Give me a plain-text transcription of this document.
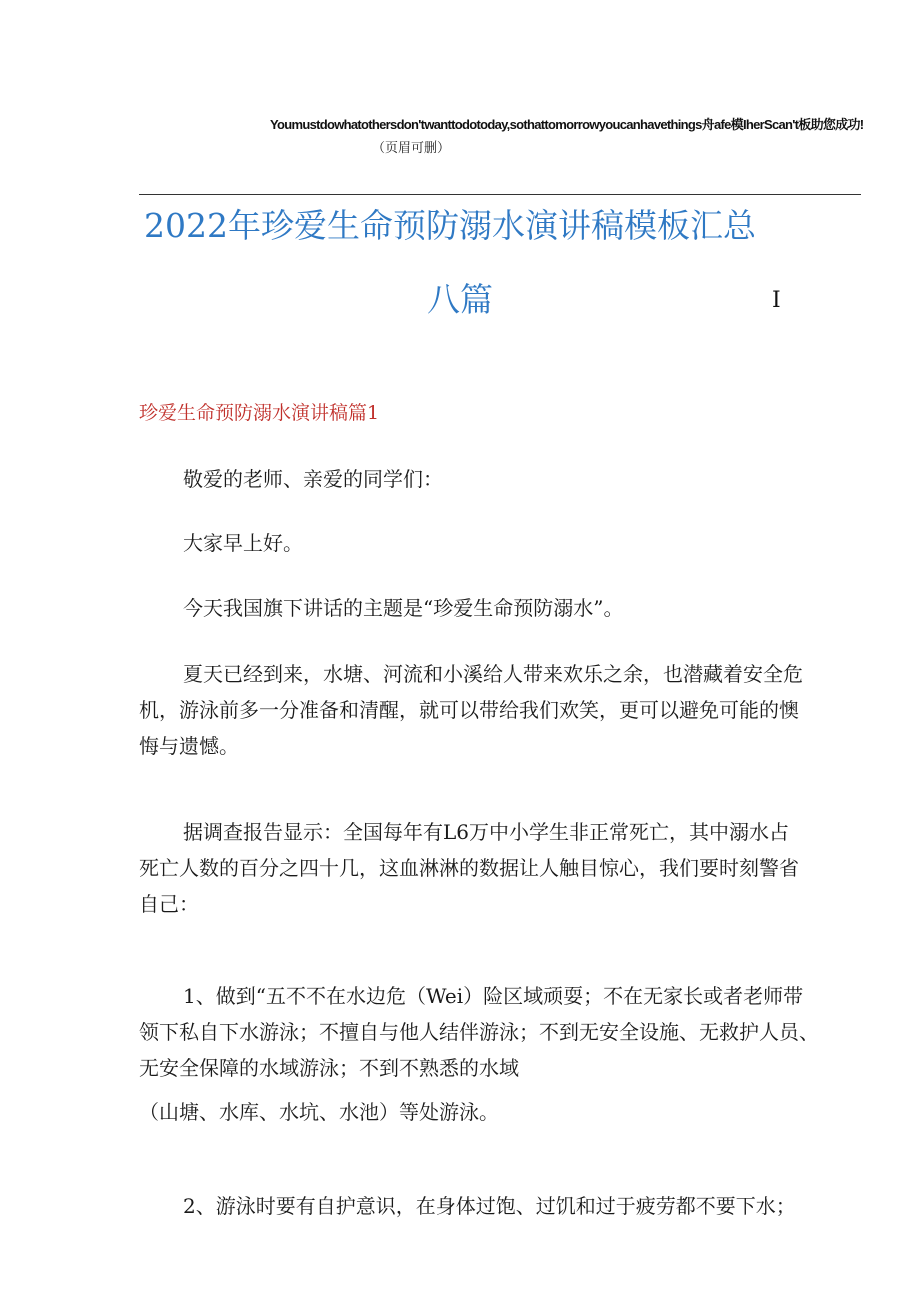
Youmustdowhatothersdon'twanttodotoday,sothattomorrowyoucanhavethings舟afe模IherScan't板助您成功!
（页眉可删）
2022年珍爱生命预防溺水演讲稿模板汇总
八篇	I
珍爱生命预防溺水演讲稿篇1

敬爱的老师、亲爱的同学们：

大家早上好。

今天我国旗下讲话的主题是“珍爱生命预防溺水”。

夏天已经到来，水塘、河流和小溪给人带来欢乐之余，也潜藏着安全危

机，游泳前多一分准备和清醒，就可以带给我们欢笑，更可以避免可能的懊

悔与遗憾。

据调查报告显示：全国每年有L6万中小学生非正常死亡，其中溺水占

死亡人数的百分之四十几，这血淋淋的数据让人触目惊心，我们要时刻警省

自己：

1、做到“五不不在水边危（Wei）险区域顽耍；不在无家长或者老师带

领下私自下水游泳；不擅自与他人结伴游泳；不到无安全设施、无救护人员、

无安全保障的水域游泳；不到不熟悉的水域

（山塘、水库、水坑、水池）等处游泳。

2、游泳时要有自护意识，在身体过饱、过饥和过于疲劳都不要下水；
